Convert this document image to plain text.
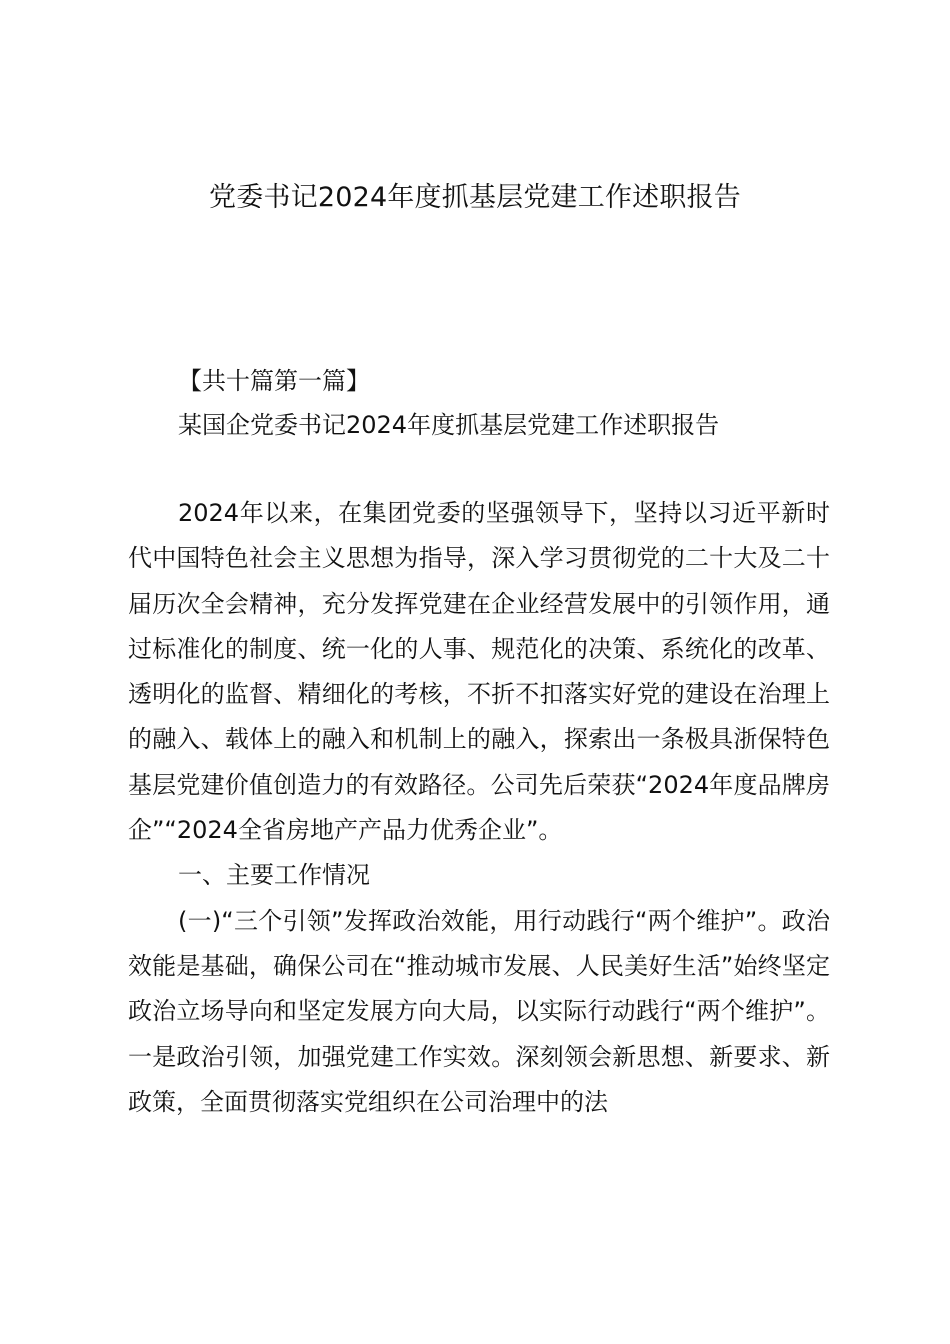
党委书记2024年度抓基层党建工作述职报告

【共十篇第一篇】

某国企党委书记2024年度抓基层党建工作述职报告

2024年以来，在集团党委的坚强领导下，坚持以习近平新时代中国特色社会主义思想为指导，深入学习贯彻党的二十大及二十届历次全会精神，充分发挥党建在企业经营发展中的引领作用，通过标准化的制度、统一化的人事、规范化的决策、系统化的改革、透明化的监督、精细化的考核，不折不扣落实好党的建设在治理上的融入、载体上的融入和机制上的融入，探索出一条极具浙保特色基层党建价值创造力的有效路径。公司先后荣获“2024年度品牌房企”“2024全省房地产产品力优秀企业”。

一、主要工作情况

(一)“三个引领”发挥政治效能，用行动践行“两个维护”。政治效能是基础，确保公司在“推动城市发展、人民美好生活”始终坚定政治立场导向和坚定发展方向大局，以实际行动践行“两个维护”。一是政治引领，加强党建工作实效。深刻领会新思想、新要求、新政策，全面贯彻落实党组织在公司治理中的法
